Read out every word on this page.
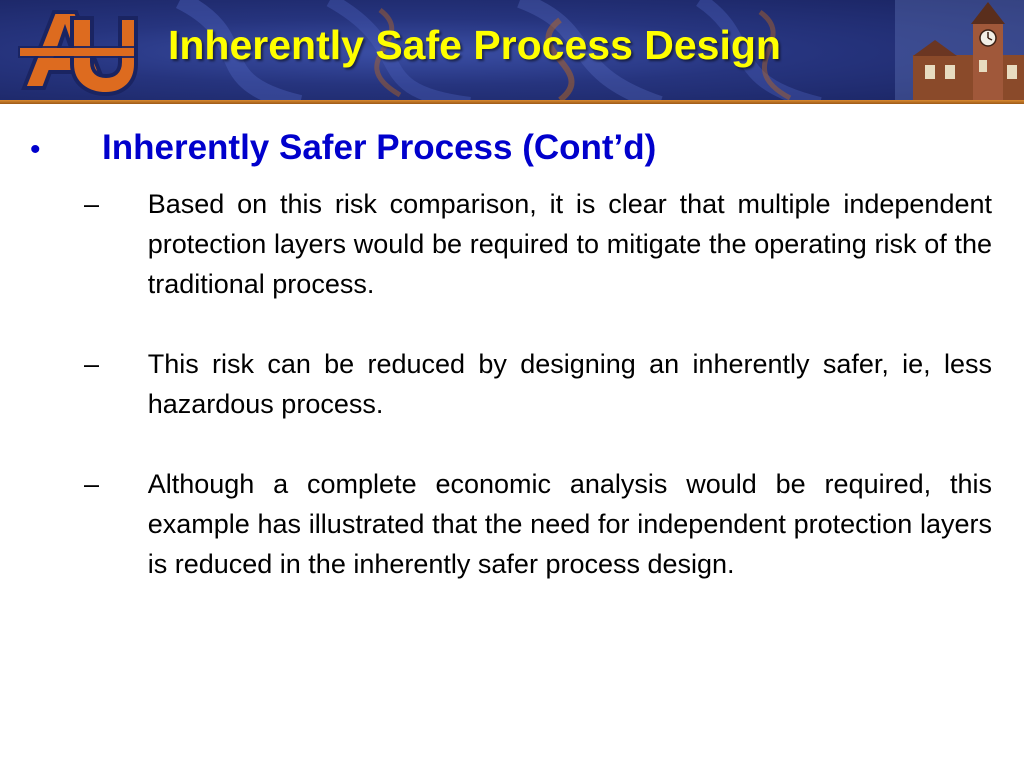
Inherently Safe Process Design
•	Inherently Safer Process (Cont’d)
–	Based on this risk comparison, it is clear that multiple independent protection layers would be required to mitigate the operating risk of the traditional process.
–	This risk can be reduced by designing an inherently safer, ie, less hazardous process.
–	Although a complete economic analysis would be required, this example has illustrated that the need for independent protection layers is reduced in the inherently safer process design.
